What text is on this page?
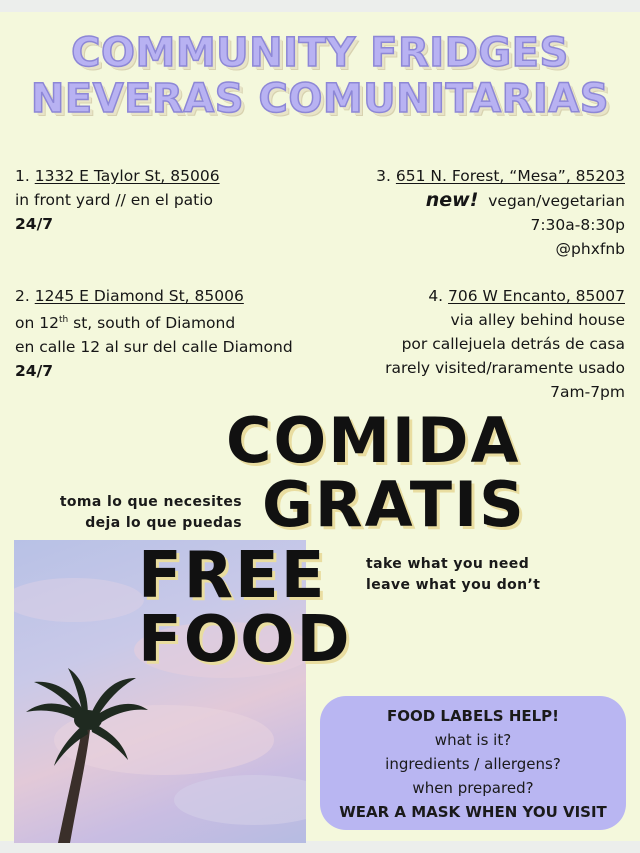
COMMUNITY FRIDGES
NEVERAS COMUNITARIAS
1. 1332 E Taylor St, 85006
in front yard // en el patio
24/7
2. 1245 E Diamond St, 85006
on 12th st, south of Diamond
en calle 12 al sur del calle Diamond
24/7
3. 651 N. Forest, “Mesa”, 85203
new! vegan/vegetarian
7:30a-8:30p
@phxfnb
4. 706 W Encanto, 85007
via alley behind house
por callejuela detrás de casa
rarely visited/raramente usado
7am-7pm
COMIDA
GRATIS
FREE
FOOD
toma lo que necesites
deja lo que puedas
take what you need
leave what you don’t
FOOD LABELS HELP!
what is it?
ingredients / allergens?
when prepared?
WEAR A MASK WHEN YOU VISIT
